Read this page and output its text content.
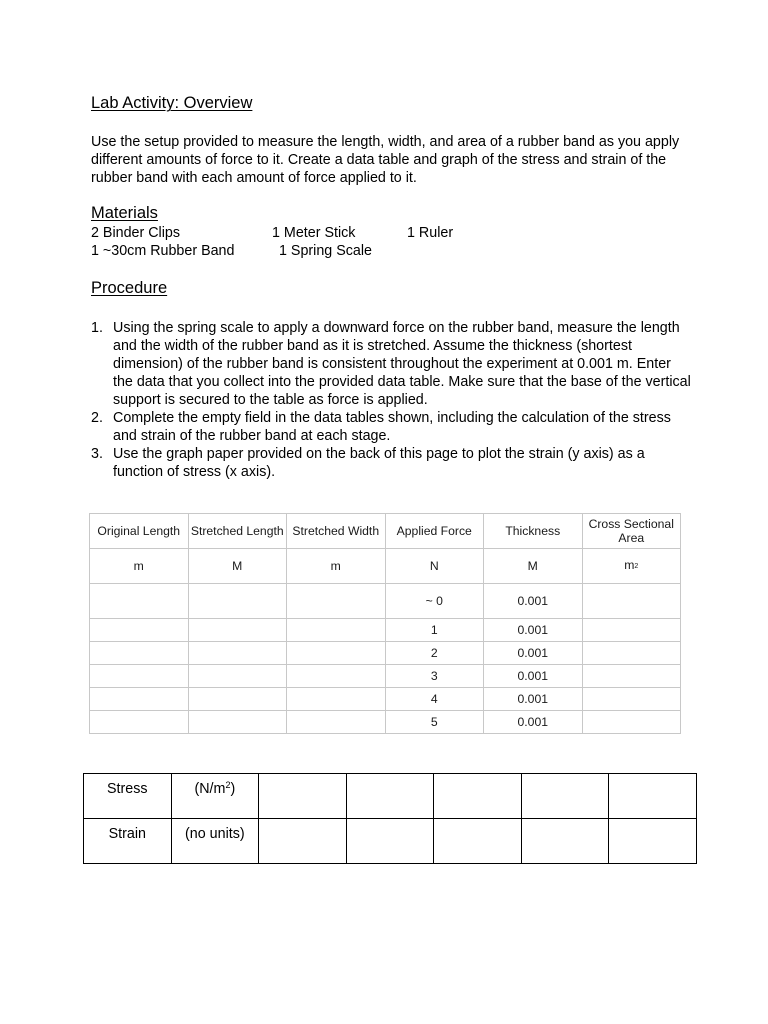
Lab Activity: Overview
Use the setup provided to measure the length, width, and area of a rubber band as you apply different amounts of force to it. Create a data table and graph of the stress and strain of the rubber band with each amount of force applied to it.
Materials
2 Binder Clips	1 Meter Stick	1 Ruler
1 ~30cm Rubber Band	1 Spring Scale
Procedure
1. Using the spring scale to apply a downward force on the rubber band, measure the length and the width of the rubber band as it is stretched. Assume the thickness (shortest dimension) of the rubber band is consistent throughout the experiment at 0.001 m. Enter the data that you collect into the provided data table. Make sure that the base of the vertical support is secured to the table as force is applied.
2. Complete the empty field in the data tables shown, including the calculation of the stress and strain of the rubber band at each stage.
3. Use the graph paper provided on the back of this page to plot the strain (y axis) as a function of stress (x axis).
Original Length	Stretched Length	Stretched Width	Applied Force	Thickness	Cross Sectional Area
m	M	m	N	M	m2
			~ 0	0.001	
			1	0.001	
			2	0.001	
			3	0.001	
			4	0.001	
			5	0.001	
Stress	$(N/m^2)$					
Strain	(no units)					
